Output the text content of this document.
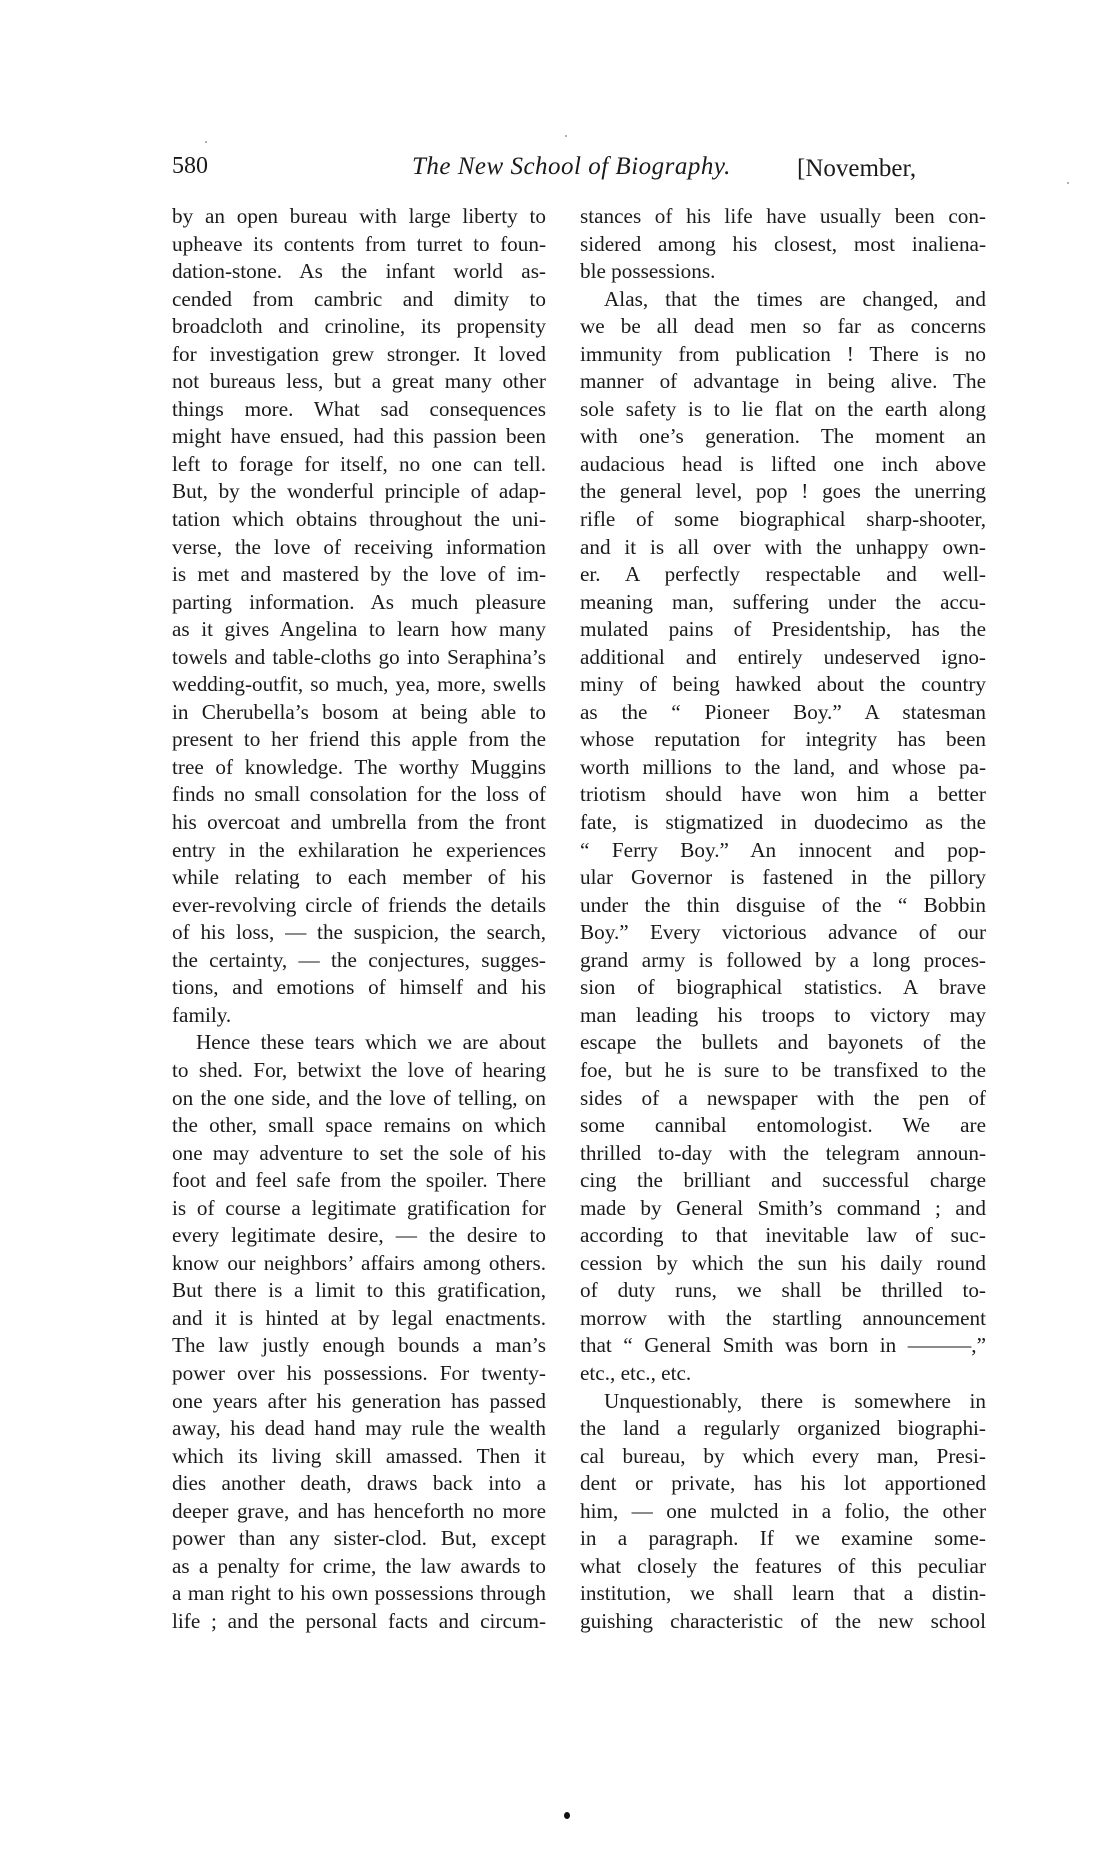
580	The New School of Biography.	[November,
by an open bureau with large liberty to
upheave its contents from turret to foun-
dation-stone. As the infant world as-
cended from cambric and dimity to
broadcloth and crinoline, its propensity
for investigation grew stronger. It loved
not bureaus less, but a great many other
things more. What sad consequences
might have ensued, had this passion been
left to forage for itself, no one can tell.
But, by the wonderful principle of adap-
tation which obtains throughout the uni-
verse, the love of receiving information
is met and mastered by the love of im-
parting information. As much pleasure
as it gives Angelina to learn how many
towels and table-cloths go into Seraphina’s
wedding-outfit, so much, yea, more, swells
in Cherubella’s bosom at being able to
present to her friend this apple from the
tree of knowledge. The worthy Muggins
finds no small consolation for the loss of
his overcoat and umbrella from the front
entry in the exhilaration he experiences
while relating to each member of his
ever-revolving circle of friends the details
of his loss, — the suspicion, the search,
the certainty, — the conjectures, sugges-
tions, and emotions of himself and his
family.
Hence these tears which we are about
to shed. For, betwixt the love of hearing
on the one side, and the love of telling, on
the other, small space remains on which
one may adventure to set the sole of his
foot and feel safe from the spoiler. There
is of course a legitimate gratification for
every legitimate desire, — the desire to
know our neighbors’ affairs among others.
But there is a limit to this gratification,
and it is hinted at by legal enactments.
The law justly enough bounds a man’s
power over his possessions. For twenty-
one years after his generation has passed
away, his dead hand may rule the wealth
which its living skill amassed. Then it
dies another death, draws back into a
deeper grave, and has henceforth no more
power than any sister-clod. But, except
as a penalty for crime, the law awards to
a man right to his own possessions through
life ; and the personal facts and circum-
stances of his life have usually been con-
sidered among his closest, most inaliena-
ble possessions.
Alas, that the times are changed, and
we be all dead men so far as concerns
immunity from publication ! There is no
manner of advantage in being alive. The
sole safety is to lie flat on the earth along
with one’s generation. The moment an
audacious head is lifted one inch above
the general level, pop ! goes the unerring
rifle of some biographical sharp-shooter,
and it is all over with the unhappy own-
er. A perfectly respectable and well-
meaning man, suffering under the accu-
mulated pains of Presidentship, has the
additional and entirely undeserved igno-
miny of being hawked about the country
as the “ Pioneer Boy.” A statesman
whose reputation for integrity has been
worth millions to the land, and whose pa-
triotism should have won him a better
fate, is stigmatized in duodecimo as the
“ Ferry Boy.” An innocent and pop-
ular Governor is fastened in the pillory
under the thin disguise of the “ Bobbin
Boy.” Every victorious advance of our
grand army is followed by a long proces-
sion of biographical statistics. A brave
man leading his troops to victory may
escape the bullets and bayonets of the
foe, but he is sure to be transfixed to the
sides of a newspaper with the pen of
some cannibal entomologist. We are
thrilled to-day with the telegram announ-
cing the brilliant and successful charge
made by General Smith’s command ; and
according to that inevitable law of suc-
cession by which the sun his daily round
of duty runs, we shall be thrilled to-
morrow with the startling announcement
that “ General Smith was born in ———,”
etc., etc., etc.
Unquestionably, there is somewhere in
the land a regularly organized biographi-
cal bureau, by which every man, Presi-
dent or private, has his lot apportioned
him, — one mulcted in a folio, the other
in a paragraph. If we examine some-
what closely the features of this peculiar
institution, we shall learn that a distin-
guishing characteristic of the new school
